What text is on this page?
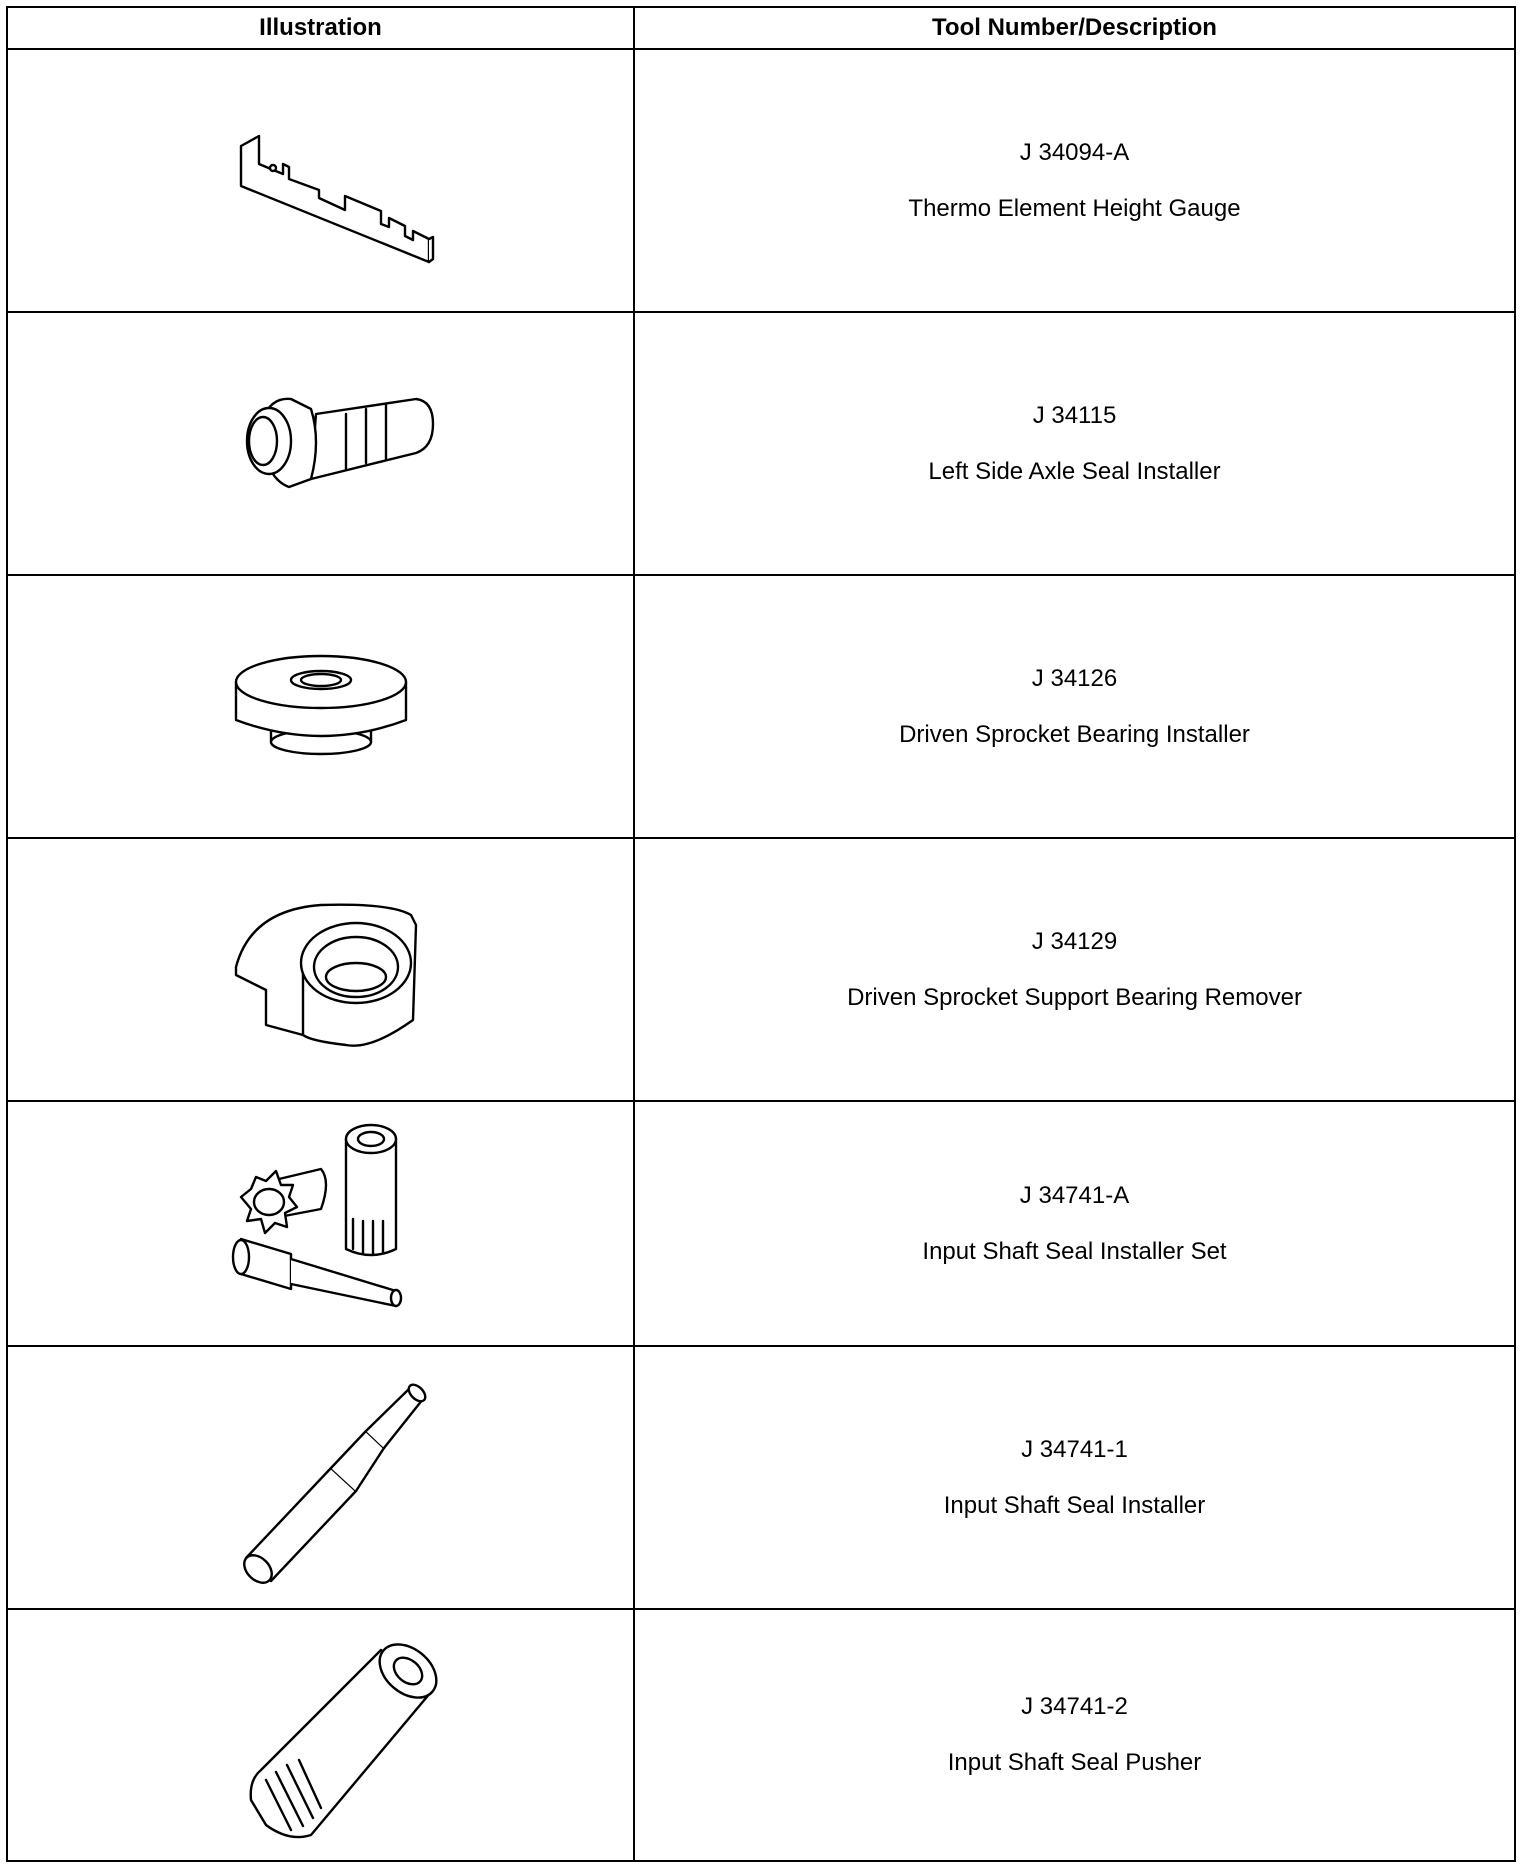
Illustration	Tool Number/Description

J 34094-A
Thermo Element Height Gauge

J 34115
Left Side Axle Seal Installer

J 34126
Driven Sprocket Bearing Installer

J 34129
Driven Sprocket Support Bearing Remover

J 34741-A
Input Shaft Seal Installer Set

J 34741-1
Input Shaft Seal Installer

J 34741-2
Input Shaft Seal Pusher
